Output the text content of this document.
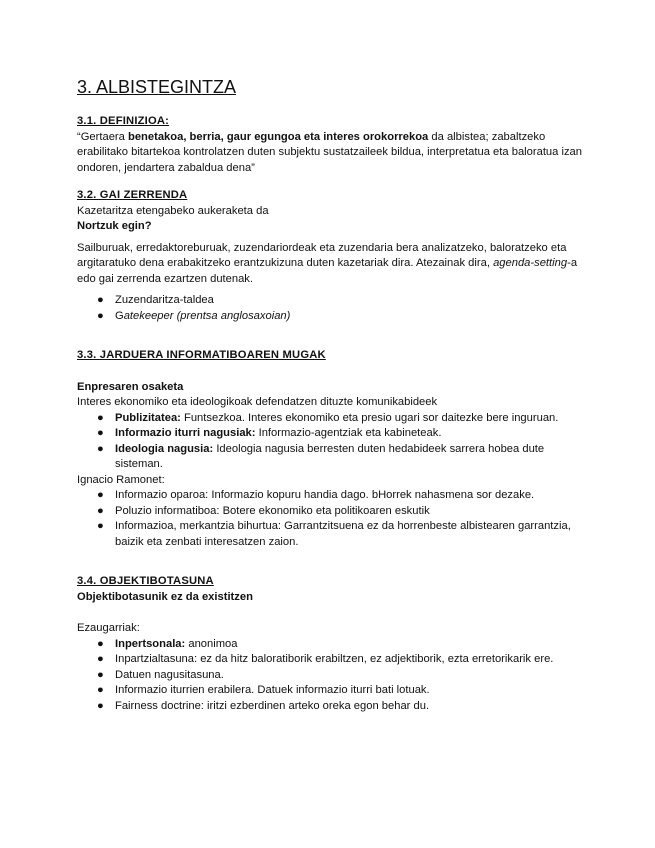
3. ALBISTEGINTZA

3.1. DEFINIZIOA:

“Gertaera benetakoa, berria, gaur egungoa eta interes orokorrekoa da albistea; zabaltzeko erabilitako bitartekoa kontrolatzen duten subjektu sustatzaileek bildua, interpretatua eta baloratua izan ondoren, jendartera zabaldua dena”

3.2. GAI ZERRENDA

Kazetaritza etengabeko aukeraketa da

Nortzuk egin?

Sailburuak, erredaktoreburuak, zuzendariordeak eta zuzendaria bera analizatzeko, baloratzeko eta argitaratuko dena erabakitzeko erantzukizuna duten kazetariak dira. Atezainak dira, agenda-setting-a edo gai zerrenda ezartzen dutenak.

● Zuzendaritza-taldea
● Gatekeeper (prentsa anglosaxoian)

3.3. JARDUERA INFORMATIBOAREN MUGAK

Enpresaren osaketa

Interes ekonomiko eta ideologikoak defendatzen dituzte komunikabideek

● Publizitatea: Funtsezkoa. Interes ekonomiko eta presio ugari sor daitezke bere inguruan.
● Informazio iturri nagusiak: Informazio-agentziak eta kabineteak.
● Ideologia nagusia: Ideologia nagusia berresten duten hedabideek sarrera hobea dute sisteman.

Ignacio Ramonet:

● Informazio oparoa: Informazio kopuru handia dago. bHorrek nahasmena sor dezake.
● Poluzio informatiboa: Botere ekonomiko eta politikoaren eskutik
● Informazioa, merkantzia bihurtua: Garrantzitsuena ez da horrenbeste albistearen garrantzia, baizik eta zenbati interesatzen zaion.

3.4. OBJEKTIBOTASUNA

Objektibotasunik ez da existitzen

Ezaugarriak:

● Inpertsonala: anonimoa
● Inpartzialtasuna: ez da hitz baloratiborik erabiltzen, ez adjektiborik, ezta erretorikarik ere.
● Datuen nagusitasuna.
● Informazio iturrien erabilera. Datuek informazio iturri bati lotuak.
● Fairness doctrine: iritzi ezberdinen arteko oreka egon behar du.
